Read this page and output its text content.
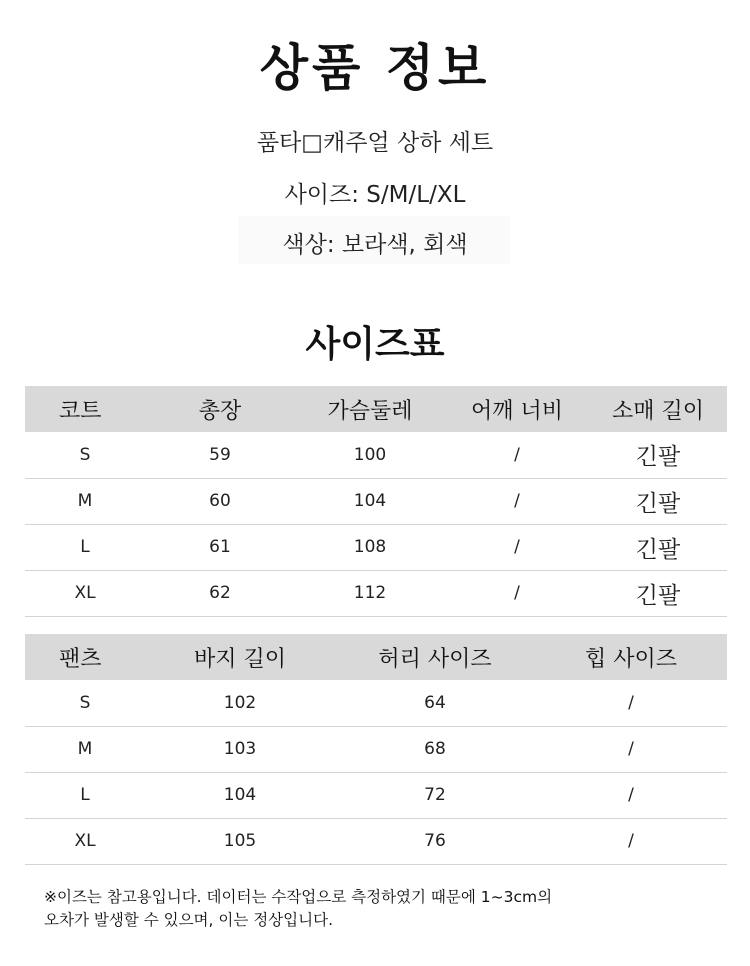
상품 정보
품타□캐주얼 상하 세트
사이즈: S/M/L/XL
색상: 보라색, 회색
사이즈표
코트	총장	가슴둘레	어깨 너비	소매 길이
S	59	100	/	긴팔
M	60	104	/	긴팔
L	61	108	/	긴팔
XL	62	112	/	긴팔
팬츠	바지 길이	허리 사이즈	힙 사이즈
S	102	64	/
M	103	68	/
L	104	72	/
XL	105	76	/
※이즈는 참고용입니다. 데이터는 수작업으로 측정하였기 때문에 1~3cm의
오차가 발생할 수 있으며, 이는 정상입니다.
